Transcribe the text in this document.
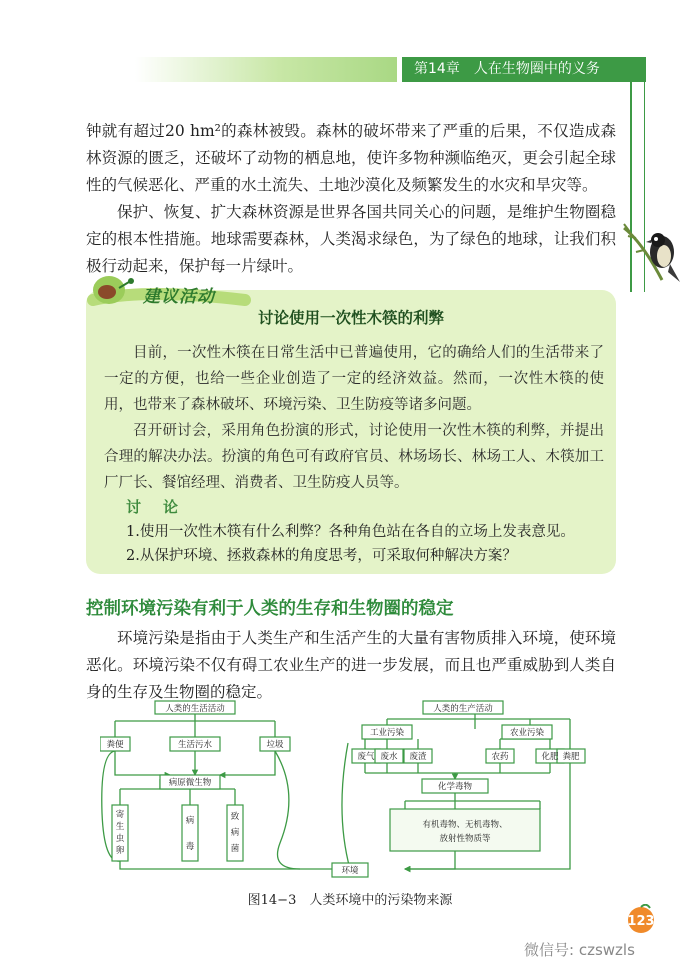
第14章　人在生物圈中的义务

钟就有超过20 hm²的森林被毁。森林的破坏带来了严重的后果，不仅造成森林资源的匮乏，还破坏了动物的栖息地，使许多物种濒临绝灭，更会引起全球性的气候恶化、严重的水土流失、土地沙漠化及频繁发生的水灾和旱灾等。

保护、恢复、扩大森林资源是世界各国共同关心的问题，是维护生物圈稳定的根本性措施。地球需要森林，人类渴求绿色，为了绿色的地球，让我们积极行动起来，保护每一片绿叶。

讨论使用一次性木筷的利弊

目前，一次性木筷在日常生活中已普遍使用，它的确给人们的生活带来了一定的方便，也给一些企业创造了一定的经济效益。然而，一次性木筷的使用，也带来了森林破坏、环境污染、卫生防疫等诸多问题。

召开研讨会，采用角色扮演的形式，讨论使用一次性木筷的利弊，并提出合理的解决办法。扮演的角色可有政府官员、林场场长、林场工人、木筷加工厂厂长、餐馆经理、消费者、卫生防疫人员等。

讨论
1.使用一次性木筷有什么利弊？各种角色站在各自的立场上发表意见。
2.从保护环境、拯救森林的角度思考，可采取何种解决方案？
建议活动
控制环境污染有利于人类的生存和生物圈的稳定

环境污染是指由于人类生产和生活产生的大量有害物质排入环境，使环境恶化。环境污染不仅有碍工农业生产的进一步发展，而且也严重威胁到人类自身的生存及生物圈的稳定。

人类的生活活动
粪便	生活污水	垃圾
病原微生物
寄
生
虫
卵
病
毒
致
病
菌
人类的生产活动
工业污染	农业污染
废气 废水 废渣	农药	化肥 粪肥
化学毒物
有机毒物、无机毒物、
放射性物质等
环境
图14−3　人类环境中的污染物来源
123
微信号: czswzls
